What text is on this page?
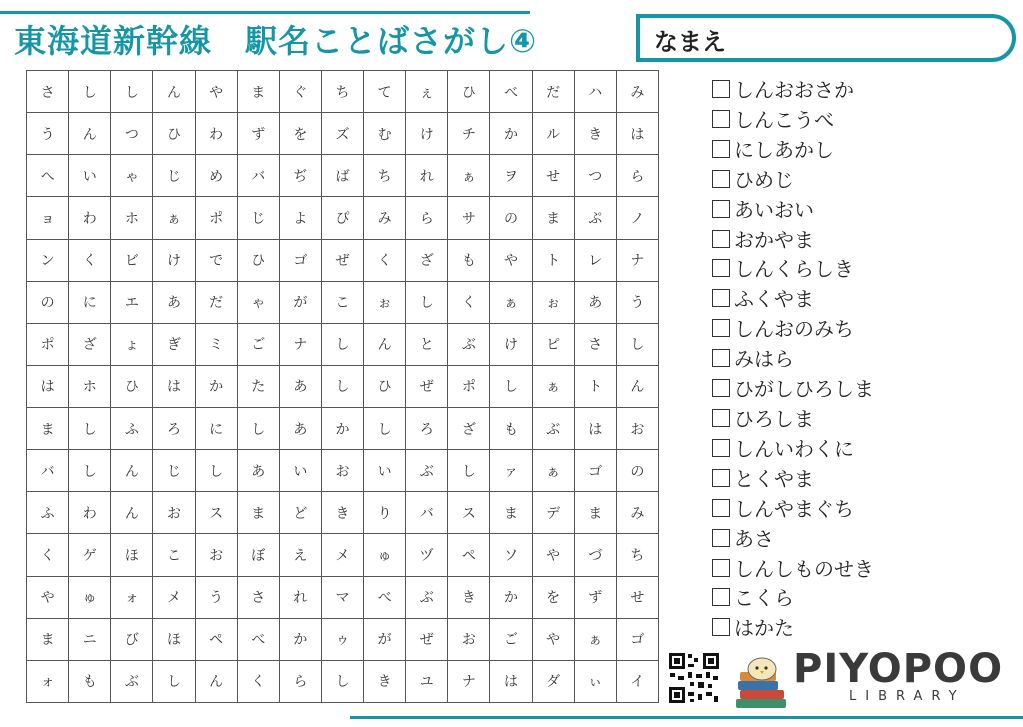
東海道新幹線　駅名ことばさがし④	なまえ
さ	し	し	ん	や	ま	ぐ	ち	て	ぇ	ひ	べ	だ	ハ	み
う	ん	つ	ひ	わ	ず	を	ズ	む	け	チ	か	ル	き	は
へ	い	ゃ	じ	め	バ	ぢ	ば	ち	れ	ぁ	ヲ	せ	つ	ら
ョ	わ	ホ	ぁ	ポ	じ	よ	ぴ	み	ら	サ	の	ま	ぷ	ノ
ン	く	ビ	け	で	ひ	ゴ	ぜ	く	ざ	も	や	ト	レ	ナ
の	に	エ	あ	だ	ゃ	が	こ	ぉ	し	く	ぁ	ぉ	あ	う
ポ	ざ	ょ	ぎ	ミ	ご	ナ	し	ん	と	ぶ	け	ピ	さ	し
は	ホ	ひ	は	か	た	あ	し	ひ	ぜ	ポ	し	ぁ	ト	ん
ま	し	ふ	ろ	に	し	あ	か	し	ろ	ざ	も	ぶ	は	お
バ	し	ん	じ	し	あ	い	お	い	ぶ	し	ァ	ぁ	ゴ	の
ふ	わ	ん	お	ス	ま	ど	き	り	バ	ス	ま	デ	ま	み
く	ゲ	ほ	こ	お	ぼ	え	メ	ゅ	ヅ	ペ	ソ	や	づ	ち
や	ゅ	ォ	メ	う	さ	れ	マ	べ	ぶ	き	か	を	ず	せ
ま	ニ	び	ほ	ペ	べ	か	ゥ	が	ぜ	お	ご	や	ぁ	ゴ
ォ	も	ぶ	し	ん	く	ら	し	き	ユ	ナ	は	ダ	ぃ	イ
しんおおさか
しんこうべ
にしあかし
ひめじ
あいおい
おかやま
しんくらしき
ふくやま
しんおのみち
みはら
ひがしひろしま
ひろしま
しんいわくに
とくやま
しんやまぐち
あさ
しんしものせき
こくら
はかた
PIYOPOO
LIBRARY
